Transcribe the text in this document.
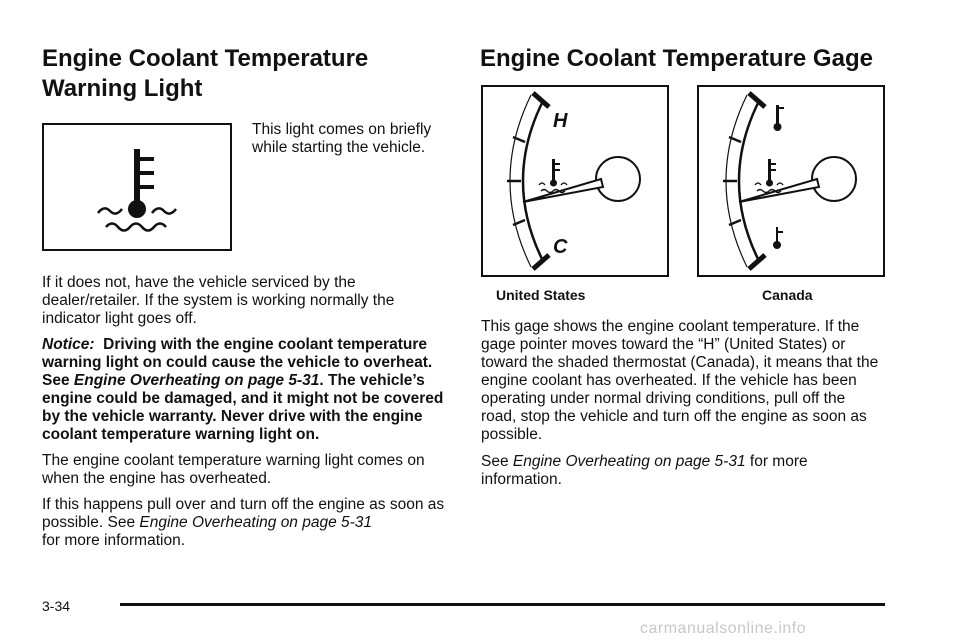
Engine Coolant Temperature
Warning Light

This light comes on briefly while starting the vehicle.

If it does not, have the vehicle serviced by the dealer/retailer. If the system is working normally the indicator light goes off.

Notice: Driving with the engine coolant temperature warning light on could cause the vehicle to overheat. See Engine Overheating on page 5-31. The vehicle’s engine could be damaged, and it might not be covered by the vehicle warranty. Never drive with the engine coolant temperature warning light on.

The engine coolant temperature warning light comes on when the engine has overheated.

If this happens pull over and turn off the engine as soon as possible. See Engine Overheating on page 5-31
for more information.

Engine Coolant Temperature Gage
H
C
United States	Canada

This gage shows the engine coolant temperature. If the gage pointer moves toward the “H” (United States) or toward the shaded thermostat (Canada), it means that the engine coolant has overheated. If the vehicle has been operating under normal driving conditions, pull off the road, stop the vehicle and turn off the engine as soon as possible.

See Engine Overheating on page 5-31 for more information.

3-34
carmanualsonline.info
